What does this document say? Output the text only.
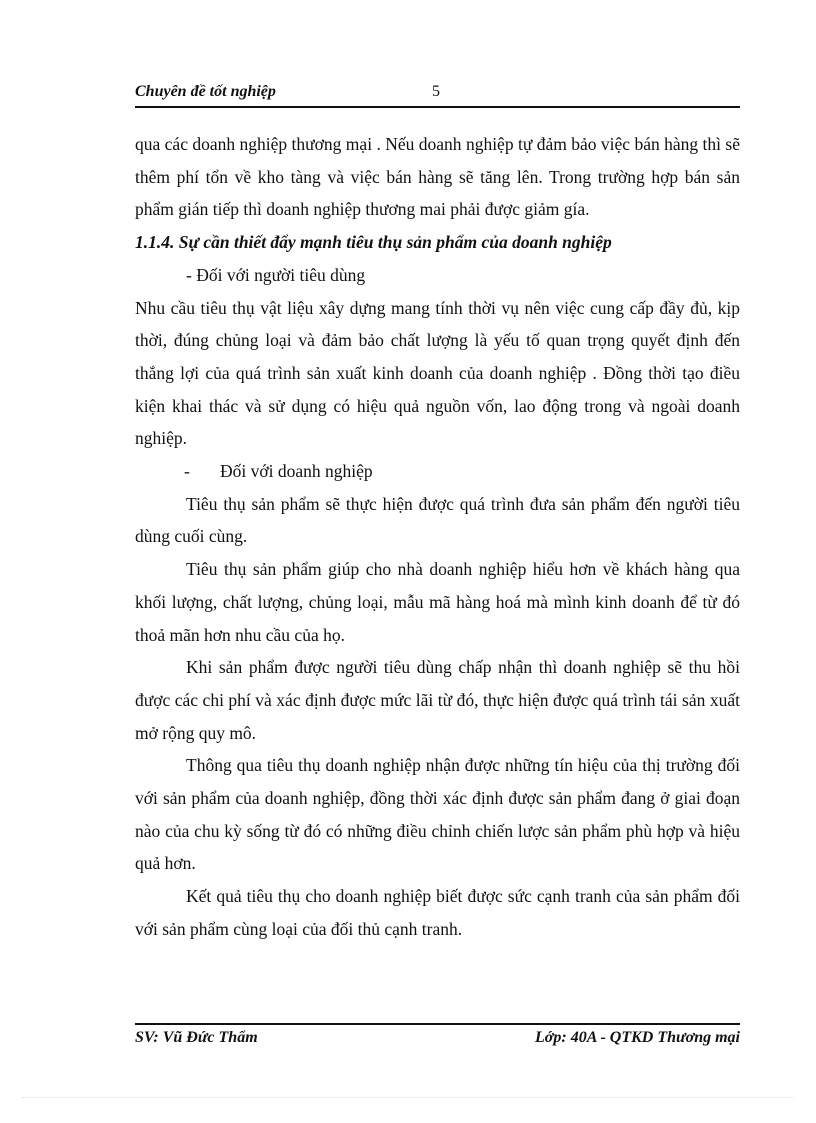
Chuyên đề tốt nghiệp	5

qua các doanh nghiệp thương mại . Nếu doanh nghiệp tự đảm bảo việc bán hàng thì sẽ thêm phí tổn về kho tàng và việc bán hàng sẽ tăng lên. Trong trường hợp bán sản phẩm gián tiếp thì doanh nghiệp thương mai phải được giảm gía.

1.1.4. Sự cần thiết đẩy mạnh tiêu thụ sản phẩm của doanh nghiệp

- Đối với người tiêu dùng

Nhu cầu tiêu thụ vật liệu xây dựng mang tính thời vụ nên việc cung cấp đầy đủ, kịp thời, đúng chủng loại và đảm bảo chất lượng là yếu tố quan trọng quyết định đến thắng lợi của quá trình sản xuất kinh doanh của doanh nghiệp . Đồng thời tạo điều kiện khai thác và sử dụng có hiệu quả nguồn vốn, lao động trong và ngoài doanh nghiệp.

- Đối với doanh nghiệp

Tiêu thụ sản phẩm sẽ thực hiện được quá trình đưa sản phẩm đến người tiêu dùng cuối cùng.

Tiêu thụ sản phẩm giúp cho nhà doanh nghiệp hiểu hơn về khách hàng qua khối lượng, chất lượng, chủng loại, mẫu mã hàng hoá mà mình kinh doanh để từ đó thoả mãn hơn nhu cầu của họ.

Khi sản phẩm được người tiêu dùng chấp nhận thì doanh nghiệp sẽ thu hồi được các chi phí và xác định được mức lãi từ đó, thực hiện được quá trình tái sản xuất mở rộng quy mô.

Thông qua tiêu thụ doanh nghiệp nhận được những tín hiệu của thị trường đối với sản phẩm của doanh nghiệp, đồng thời xác định được sản phẩm đang ở giai đoạn nào của chu kỳ sống từ đó có những điều chỉnh chiến lược sản phẩm phù hợp và hiệu quả hơn.

Kết quả tiêu thụ cho doanh nghiệp biết được sức cạnh tranh của sản phẩm đối với sản phẩm cùng loại của đối thủ cạnh tranh.

SV: Vũ Đức Thẩm	Lớp: 40A - QTKD Thương mại
